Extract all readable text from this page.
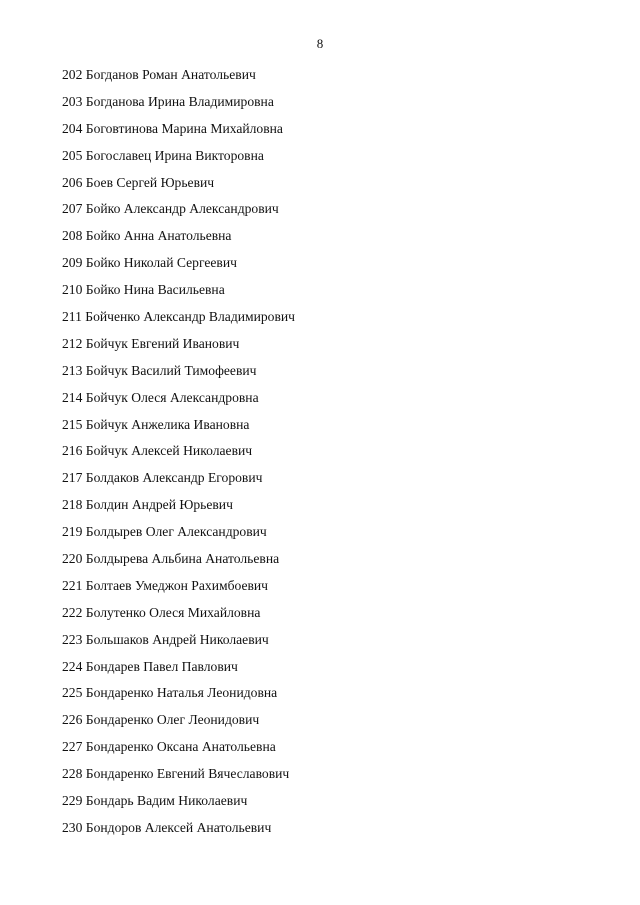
8
202 Богданов Роман Анатольевич
203 Богданова Ирина Владимировна
204 Боговтинова Марина Михайловна
205 Богославец Ирина Викторовна
206 Боев Сергей Юрьевич
207 Бойко Александр Александрович
208 Бойко Анна Анатольевна
209 Бойко Николай Сергеевич
210 Бойко Нина Васильевна
211 Бойченко Александр Владимирович
212 Бойчук Евгений Иванович
213 Бойчук Василий Тимофеевич
214 Бойчук Олеся Александровна
215 Бойчук Анжелика Ивановна
216 Бойчук Алексей Николаевич
217 Болдаков Александр Егорович
218 Болдин Андрей Юрьевич
219 Болдырев Олег Александрович
220 Болдырева Альбина Анатольевна
221 Болтаев Умеджон Рахимбоевич
222 Болутенко Олеся Михайловна
223 Большаков Андрей Николаевич
224 Бондарев Павел Павлович
225 Бондаренко Наталья Леонидовна
226 Бондаренко Олег Леонидович
227 Бондаренко Оксана Анатольевна
228 Бондаренко Евгений Вячеславович
229 Бондарь Вадим Николаевич
230 Бондоров Алексей Анатольевич
